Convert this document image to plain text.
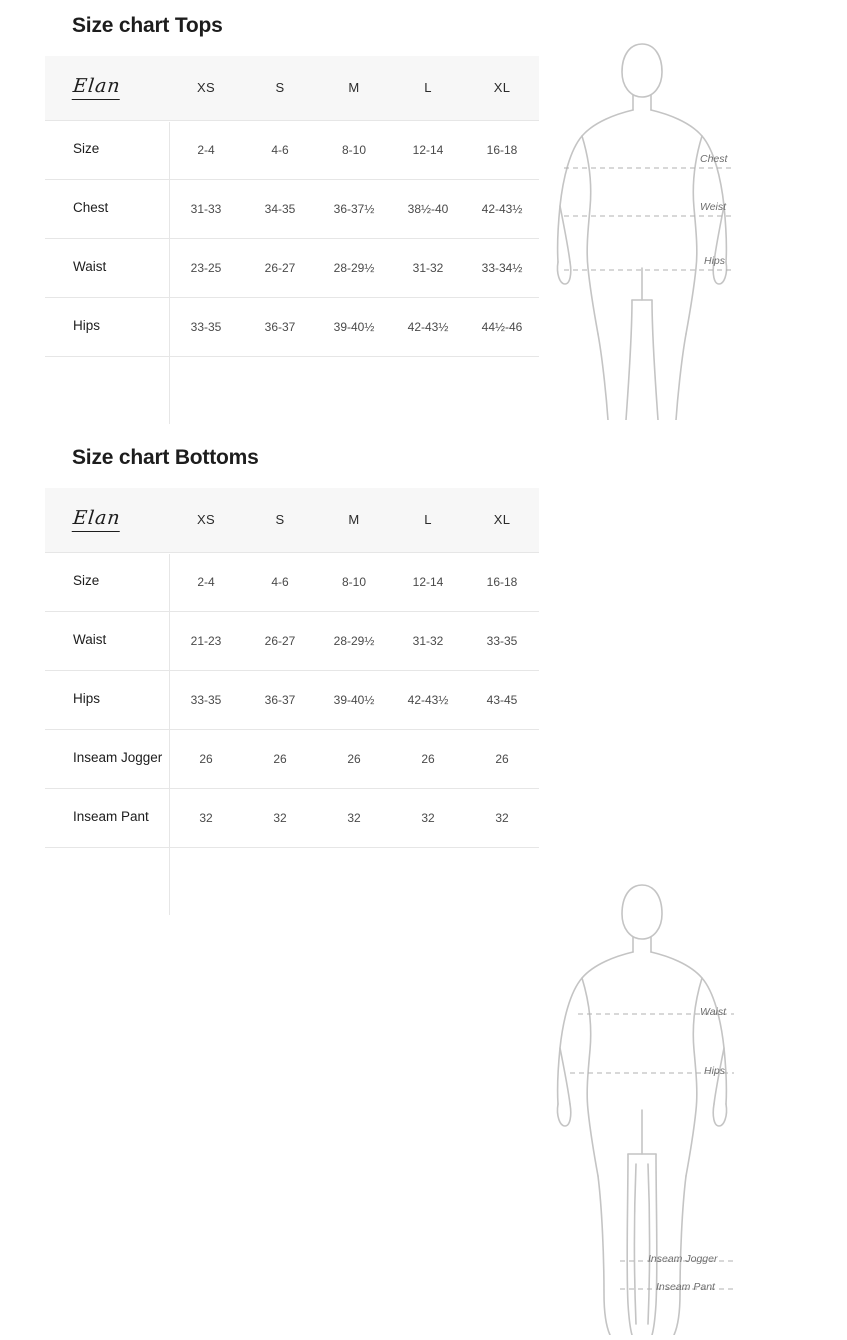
Size chart Tops
Elan	XS	S	M	L	XL
Size	2-4	4-6	8-10	12-14	16-18
Chest	31-33	34-35	36-37½	38½-40	42-43½
Waist	23-25	26-27	28-29½	31-32	33-34½
Hips	33-35	36-37	39-40½	42-43½	44½-46
Chest
Weist
Hips
Size chart Bottoms
Elan	XS	S	M	L	XL
Size	2-4	4-6	8-10	12-14	16-18
Waist	21-23	26-27	28-29½	31-32	33-35
Hips	33-35	36-37	39-40½	42-43½	43-45
Inseam Jogger	26	26	26	26	26
Inseam Pant	32	32	32	32	32
Waist
Hips
Inseam Jogger
Inseam Pant
